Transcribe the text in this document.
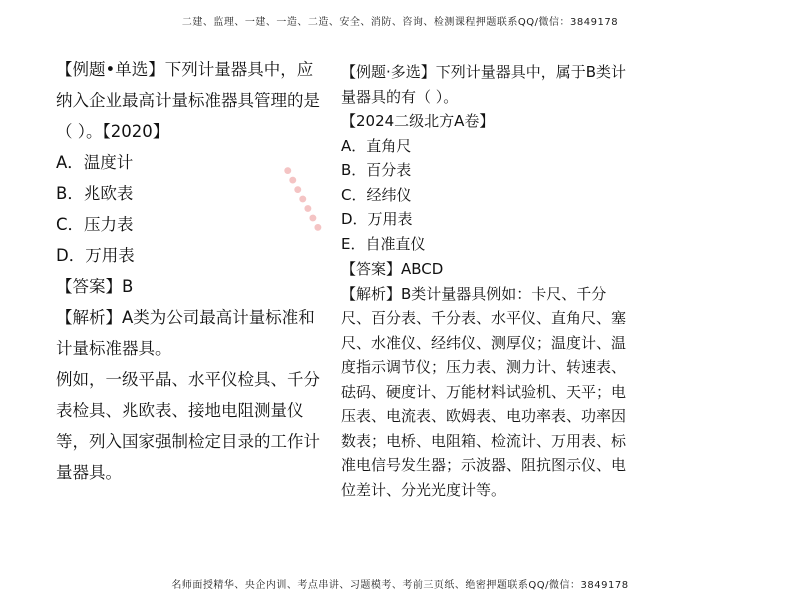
二建、监理、一建、一造、二造、安全、消防、咨询、检测课程押题联系QQ/微信：3849178
● ● ● ● ● ● ●

【例题•单选】下列计量器具中，应纳入企业最高计量标准器具管理的是（ ）。【2020】

A．温度计

B．兆欧表

C．压力表

D．万用表

【答案】B

【解析】A类为公司最高计量标准和计量标准器具。

例如，一级平晶、水平仪检具、千分表检具、兆欧表、接地电阻测量仪等，列入国家强制检定目录的工作计量器具。

【例题·多选】下列计量器具中，属于B类计量器具的有（ ）。

【2024二级北方A卷】

A．直角尺

B．百分表

C．经纬仪

D．万用表

E．自准直仪

【答案】ABCD

【解析】B类计量器具例如：卡尺、千分尺、百分表、千分表、水平仪、直角尺、塞尺、水准仪、经纬仪、测厚仪；温度计、温度指示调节仪；压力表、测力计、转速表、砝码、硬度计、万能材料试验机、天平；电压表、电流表、欧姆表、电功率表、功率因数表；电桥、电阻箱、检流计、万用表、标准电信号发生器；示波器、阻抗图示仪、电位差计、分光光度计等。

名师面授精华、央企内训、考点串讲、习题模考、考前三页纸、绝密押题联系QQ/微信：3849178
